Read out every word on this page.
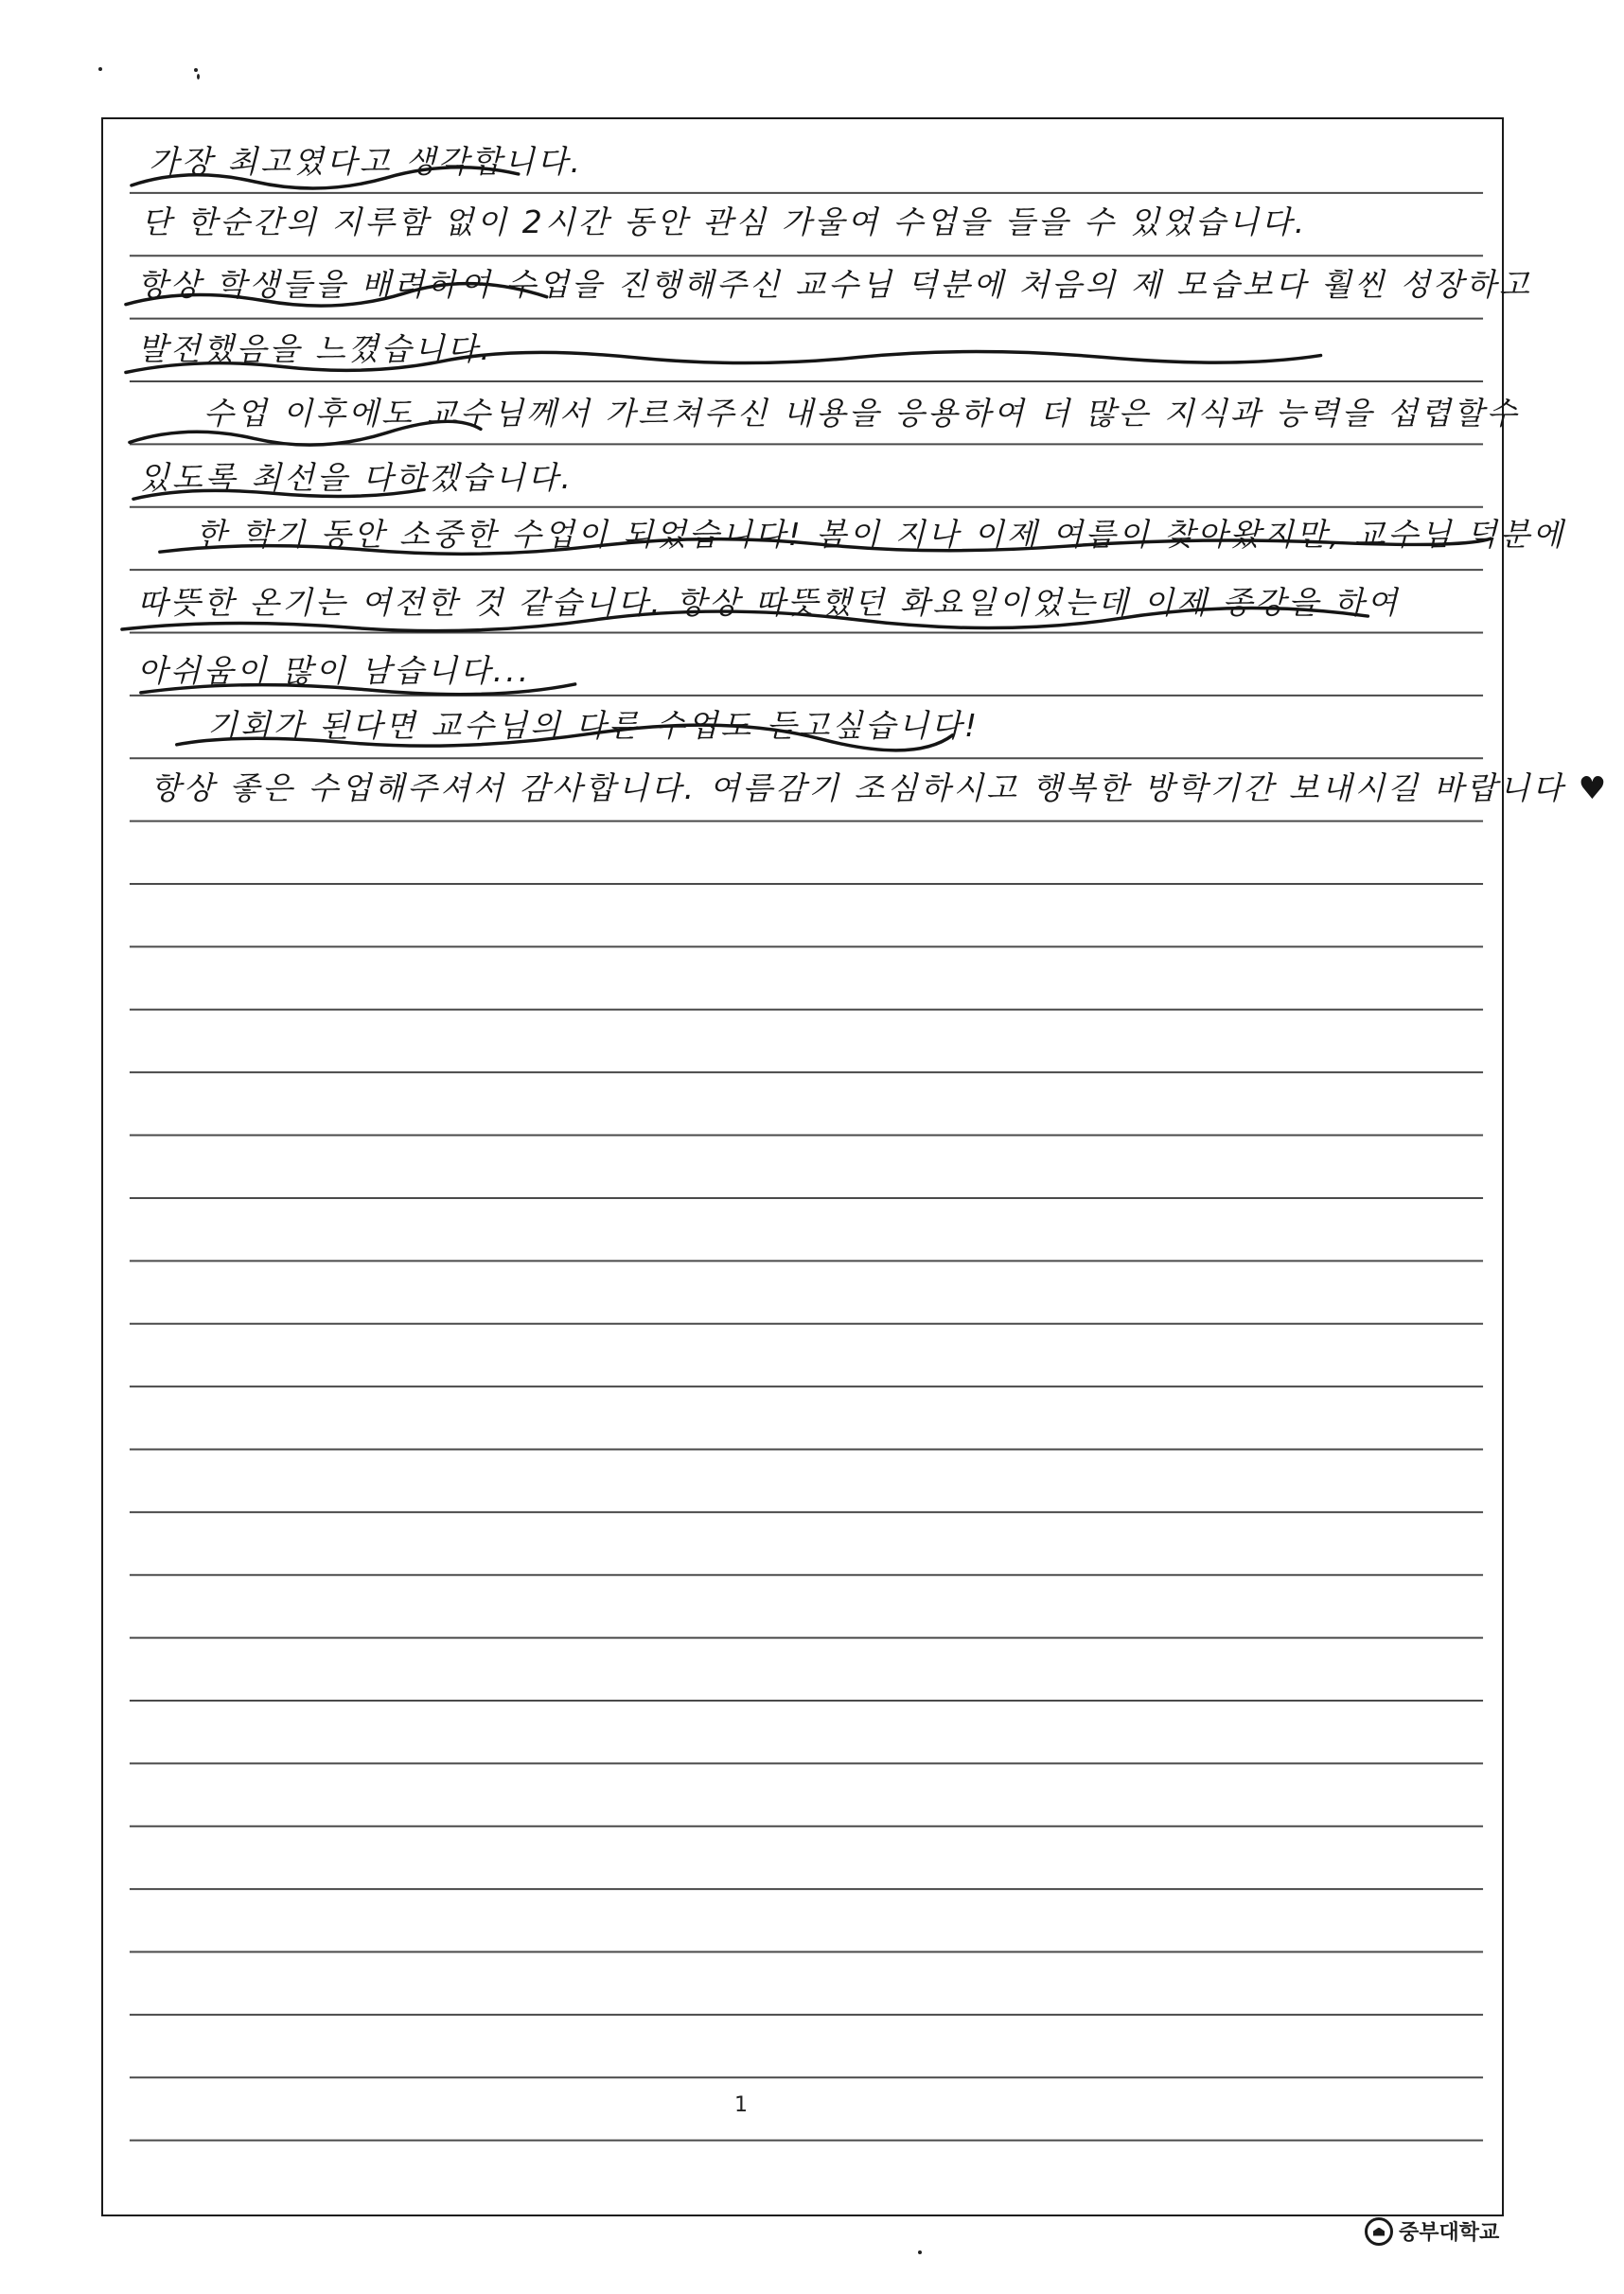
가장 최고였다고 생각합니다.
단 한순간의 지루함 없이 2시간 동안 관심 가울여 수업을 들을 수 있었습니다.
항상 학생들을 배려하여 수업을 진행해주신 교수님 덕분에 처음의 제 모습보다 훨씬 성장하고
발전했음을 느꼈습니다.
수업 이후에도 교수님께서 가르쳐주신 내용을 응용하여 더 많은 지식과 능력을 섭렵할수
있도록 최선을 다하겠습니다.
한 학기 동안 소중한 수업이 되었습니다! 봄이 지나 이제 여름이 찾아왔지만, 교수님 덕분에
따뜻한 온기는 여전한 것 같습니다. 항상 따뜻했던 화요일이었는데 이제 종강을 하여
아쉬움이 많이 남습니다...
기회가 된다면 교수님의 다른 수업도 듣고싶습니다!
항상 좋은 수업해주셔서 감사합니다. 여름감기 조심하시고 행복한 방학기간 보내시길 바랍니다 ♥
1
중부대학교
